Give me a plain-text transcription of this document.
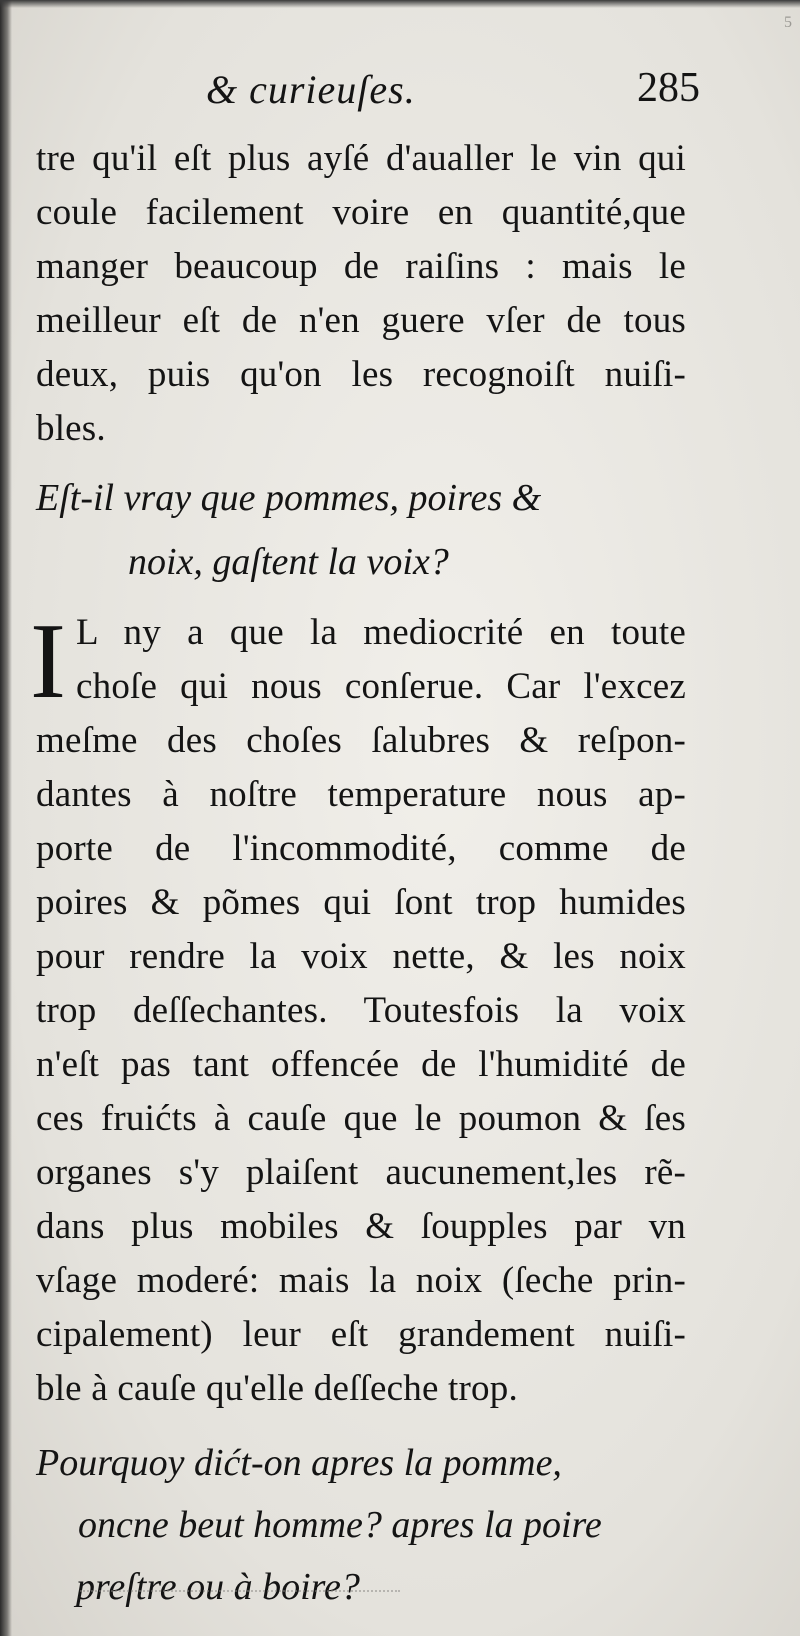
5
& curieuſes.	285
tre qu'il eſt plus ayſé d'aualler le vin qui
coule facilement voire en quantité,que
manger beaucoup de raiſins : mais le
meilleur eſt de n'en guere vſer de tous
deux, puis qu'on les recognoiſt nuiſi-
bles.
Eſt-il vray que pommes, poires &
noix, gaſtent la voix?
I L ny a que la mediocrité en toute
choſe qui nous conſerue. Car l'excez
meſme des choſes ſalubres & reſpon-
dantes à noſtre temperature nous ap-
porte de l'incommodité, comme de
poires & põmes qui ſont trop humides
pour rendre la voix nette, & les noix
trop deſſechantes. Toutesfois la voix
n'eſt pas tant offencée de l'humidité de
ces fruićts à cauſe que le poumon & ſes
organes s'y plaiſent aucunement,les rẽ-
dans plus mobiles & ſoupples par vn
vſage moderé: mais la noix (ſeche prin-
cipalement) leur eſt grandement nuiſi-
ble à cauſe qu'elle deſſeche trop.
Pourquoy dićt-on apres la pomme,
oncne beut homme? apres la poire
preſtre ou à boire?
